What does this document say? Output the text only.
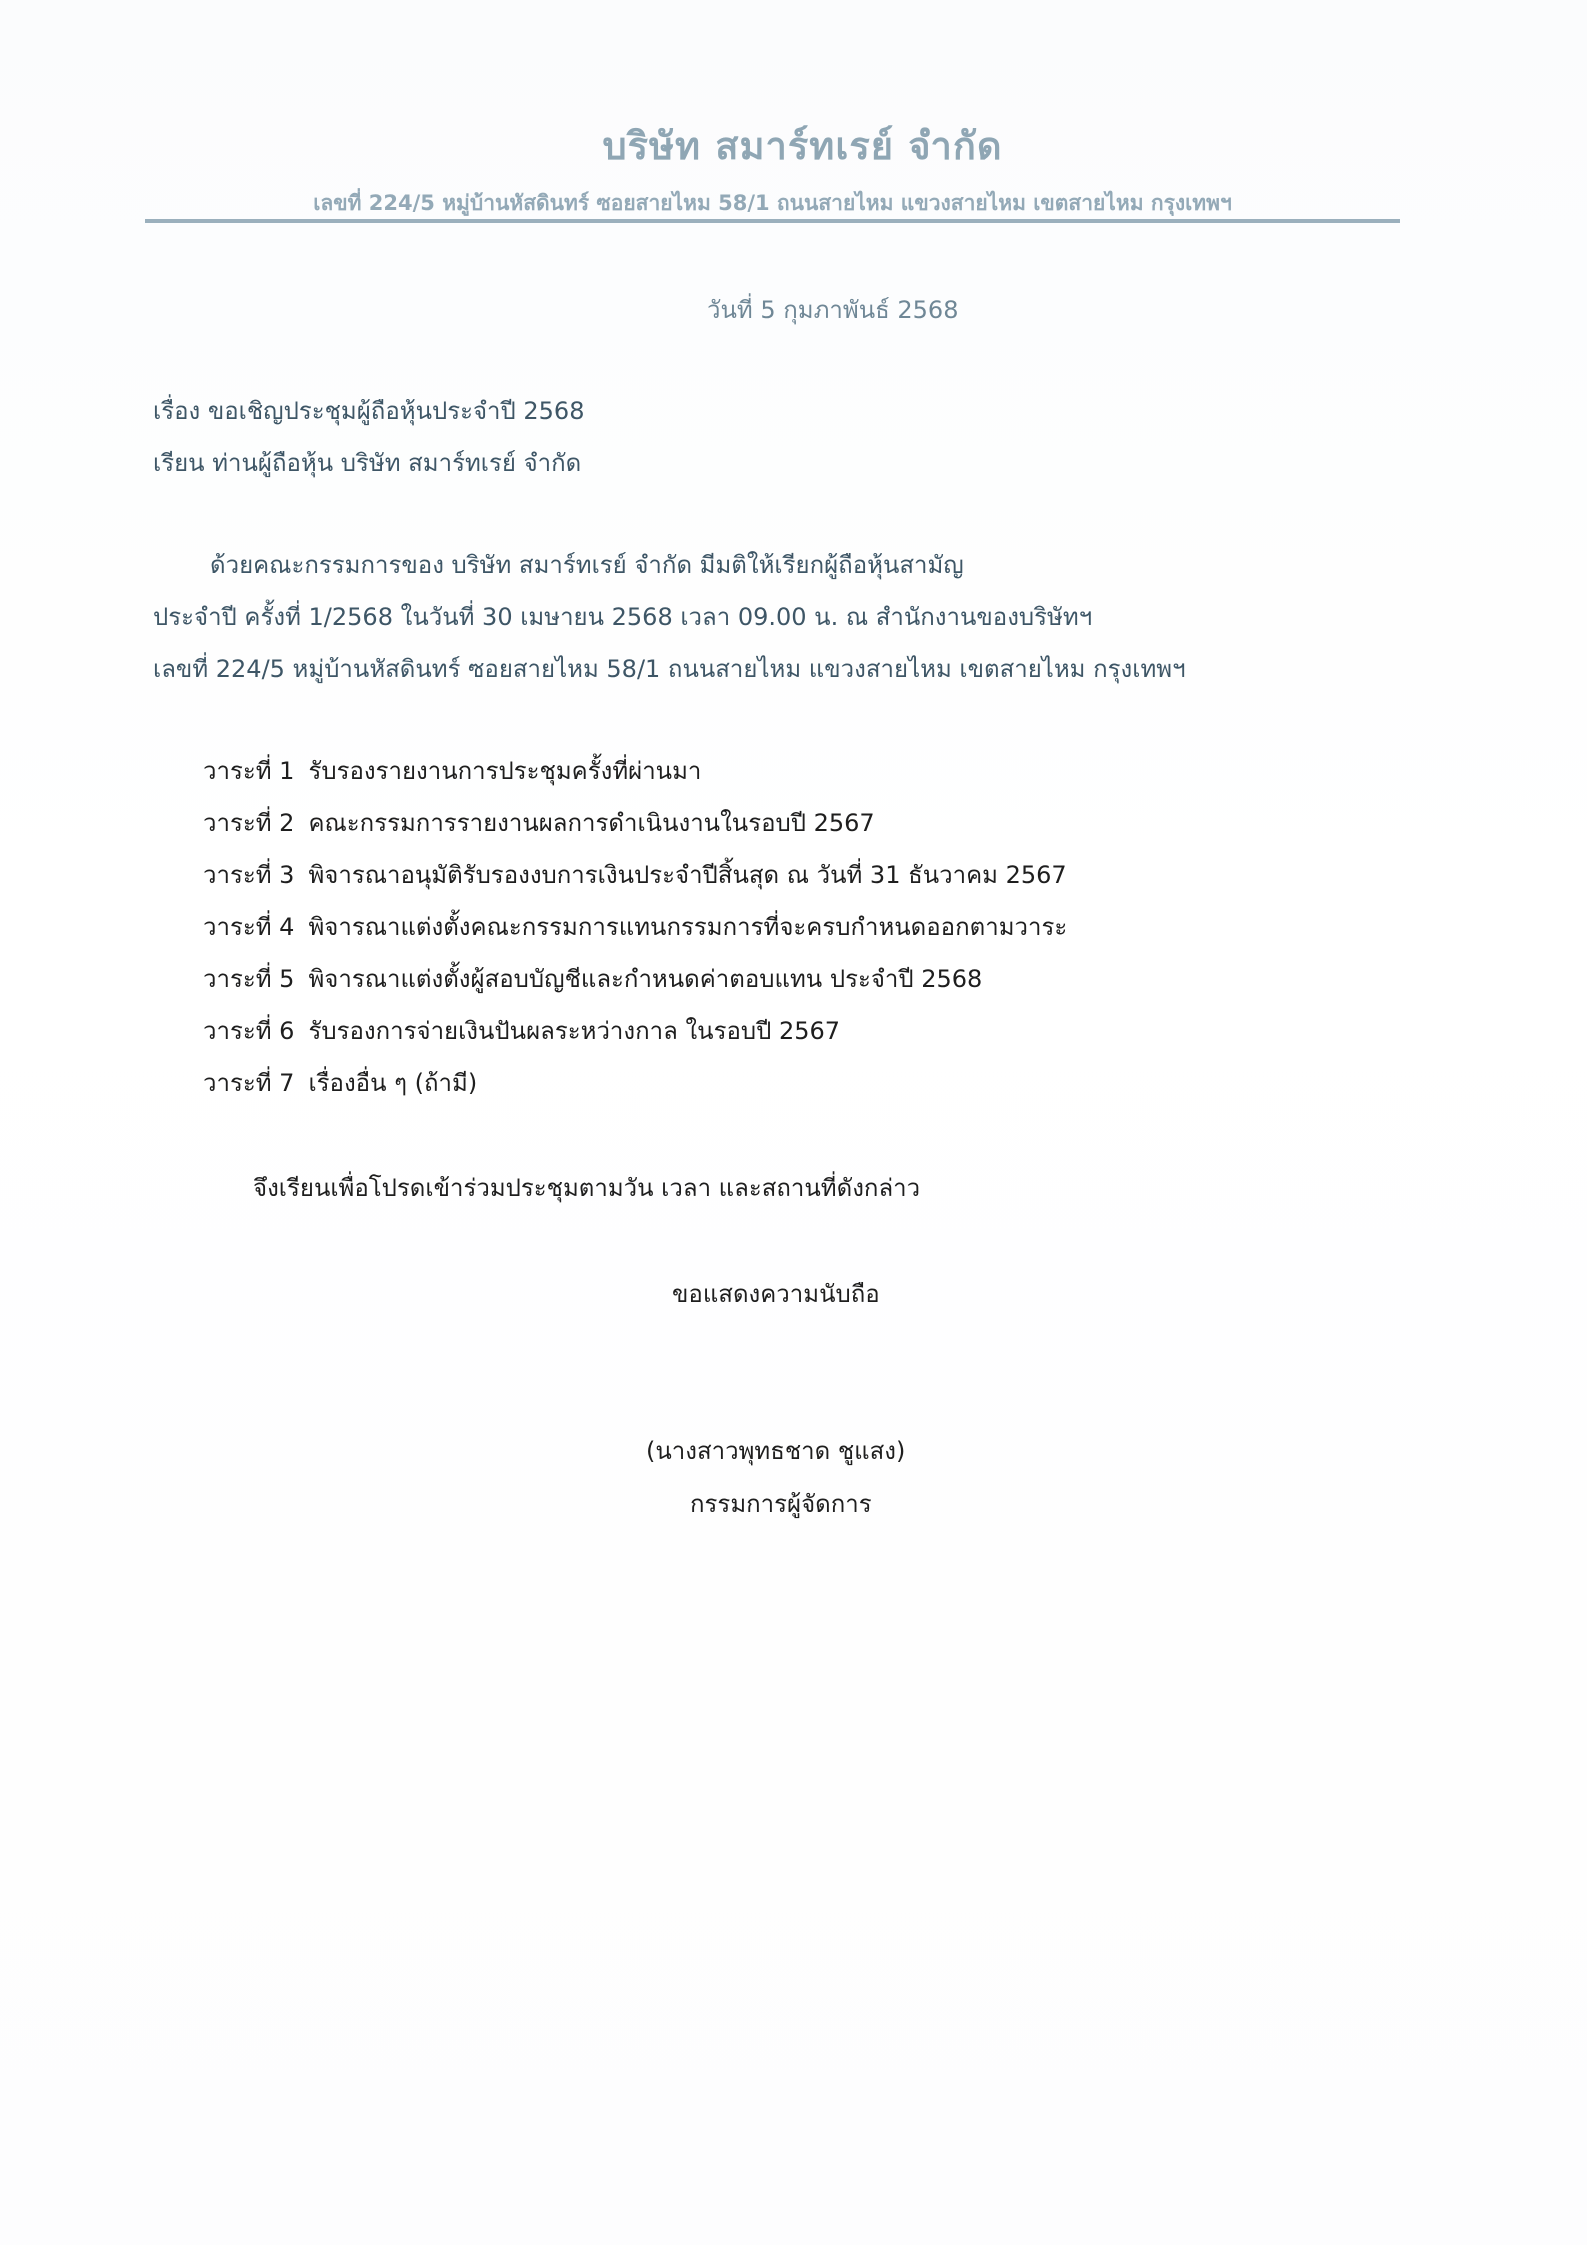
บริษัท สมาร์ทเรย์ จำกัด
เลขที่ 224/5 หมู่บ้านหัสดินทร์ ซอยสายไหม 58/1 ถนนสายไหม แขวงสายไหม เขตสายไหม กรุงเทพฯ
วันที่ 5 กุมภาพันธ์ 2568
เรื่อง ขอเชิญประชุมผู้ถือหุ้นประจำปี 2568
เรียน ท่านผู้ถือหุ้น บริษัท สมาร์ทเรย์ จำกัด
ด้วยคณะกรรมการของ บริษัท สมาร์ทเรย์ จำกัด มีมติให้เรียกผู้ถือหุ้นสามัญ
ประจำปี ครั้งที่ 1/2568 ในวันที่ 30 เมษายน 2568 เวลา 09.00 น. ณ สำนักงานของบริษัทฯ
เลขที่ 224/5 หมู่บ้านหัสดินทร์ ซอยสายไหม 58/1 ถนนสายไหม แขวงสายไหม เขตสายไหม กรุงเทพฯ
วาระที่ 1 รับรองรายงานการประชุมครั้งที่ผ่านมา
วาระที่ 2 คณะกรรมการรายงานผลการดำเนินงานในรอบปี 2567
วาระที่ 3 พิจารณาอนุมัติรับรองงบการเงินประจำปีสิ้นสุด ณ วันที่ 31 ธันวาคม 2567
วาระที่ 4 พิจารณาแต่งตั้งคณะกรรมการแทนกรรมการที่จะครบกำหนดออกตามวาระ
วาระที่ 5 พิจารณาแต่งตั้งผู้สอบบัญชีและกำหนดค่าตอบแทน ประจำปี 2568
วาระที่ 6 รับรองการจ่ายเงินปันผลระหว่างกาล ในรอบปี 2567
วาระที่ 7 เรื่องอื่น ๆ (ถ้ามี)
จึงเรียนเพื่อโปรดเข้าร่วมประชุมตามวัน เวลา และสถานที่ดังกล่าว
ขอแสดงความนับถือ
(นางสาวพุทธชาด ชูแสง)
กรรมการผู้จัดการ
